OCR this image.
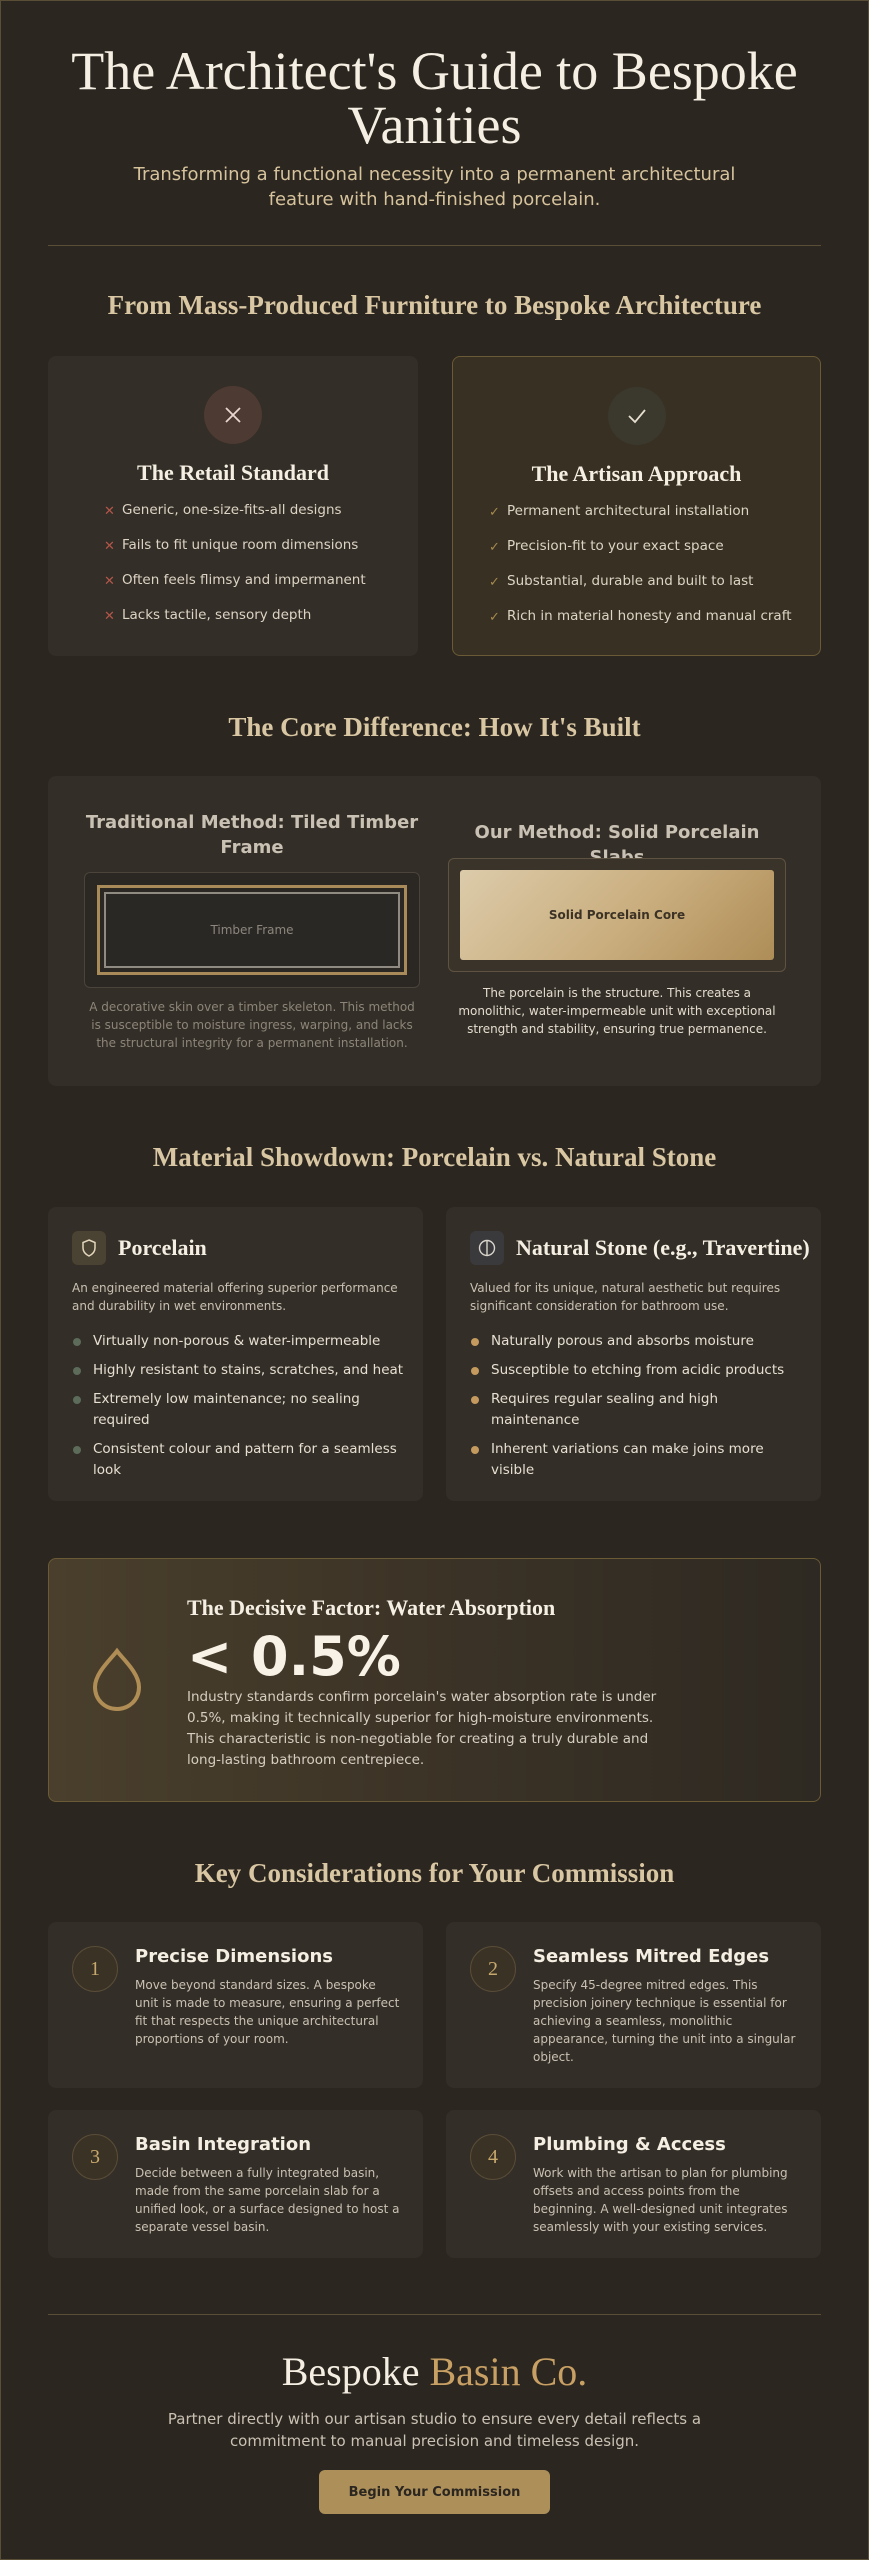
The Architect's Guide to Bespoke Vanities

Transforming a functional necessity into a permanent architectural feature with hand-finished porcelain.

From Mass-Produced Furniture to Bespoke Architecture
The Retail Standard
✕ Generic, one-size-fits-all designs
✕ Fails to fit unique room dimensions
✕ Often feels flimsy and impermanent
✕ Lacks tactile, sensory depth
The Artisan Approach
✓ Permanent architectural installation
✓ Precision-fit to your exact space
✓ Substantial, durable and built to last
✓ Rich in material honesty and manual craft
The Core Difference: How It's Built
Traditional Method: Tiled Timber Frame
Timber Frame

A decorative skin over a timber skeleton. This method is susceptible to moisture ingress, warping, and lacks the structural integrity for a permanent installation.

Our Method: Solid Porcelain
Solid Porcelain Core

The porcelain is the structure. This creates a monolithic, water-impermeable unit with exceptional strength and stability, ensuring true permanence.

Material Showdown: Porcelain vs. Natural Stone
Porcelain

An engineered material offering superior performance and durability in wet environments.

Virtually non-porous & water-impermeable
Highly resistant to stains, scratches, and heat
Extremely low maintenance; no sealing required
Consistent colour and pattern for a seamless look
Natural Stone (e.g., Travertine)

Valued for its unique, natural aesthetic but requires significant consideration for bathroom use.

Naturally porous and absorbs moisture
Susceptible to etching from acidic products
Requires regular sealing and high maintenance
Inherent variations can make joins more visible
The Decisive Factor: Water Absorption
< 0.5%

Industry standards confirm porcelain's water absorption rate is under 0.5%, making it technically superior for high-moisture environments. This characteristic is non-negotiable for creating a truly durable and long-lasting bathroom centrepiece.

Key Considerations for Your Commission
1
Precise Dimensions

Move beyond standard sizes. A bespoke unit is made to measure, ensuring a perfect fit that respects the unique architectural proportions of your room.

2
Seamless Mitred Edges

Specify 45-degree mitred edges. This precision joinery technique is essential for achieving a seamless, monolithic appearance, turning the unit into a singular object.

3
Basin Integration

Decide between a fully integrated basin, made from the same porcelain slab for a unified look, or a surface designed to host a separate vessel basin.

4
Plumbing & Access

Work with the artisan to plan for plumbing offsets and access points from the beginning. A well-designed unit integrates seamlessly with your existing services.

Bespoke Basin Co.

Partner directly with our artisan studio to ensure every detail reflects a commitment to manual precision and timeless design.

Begin Your Commission
